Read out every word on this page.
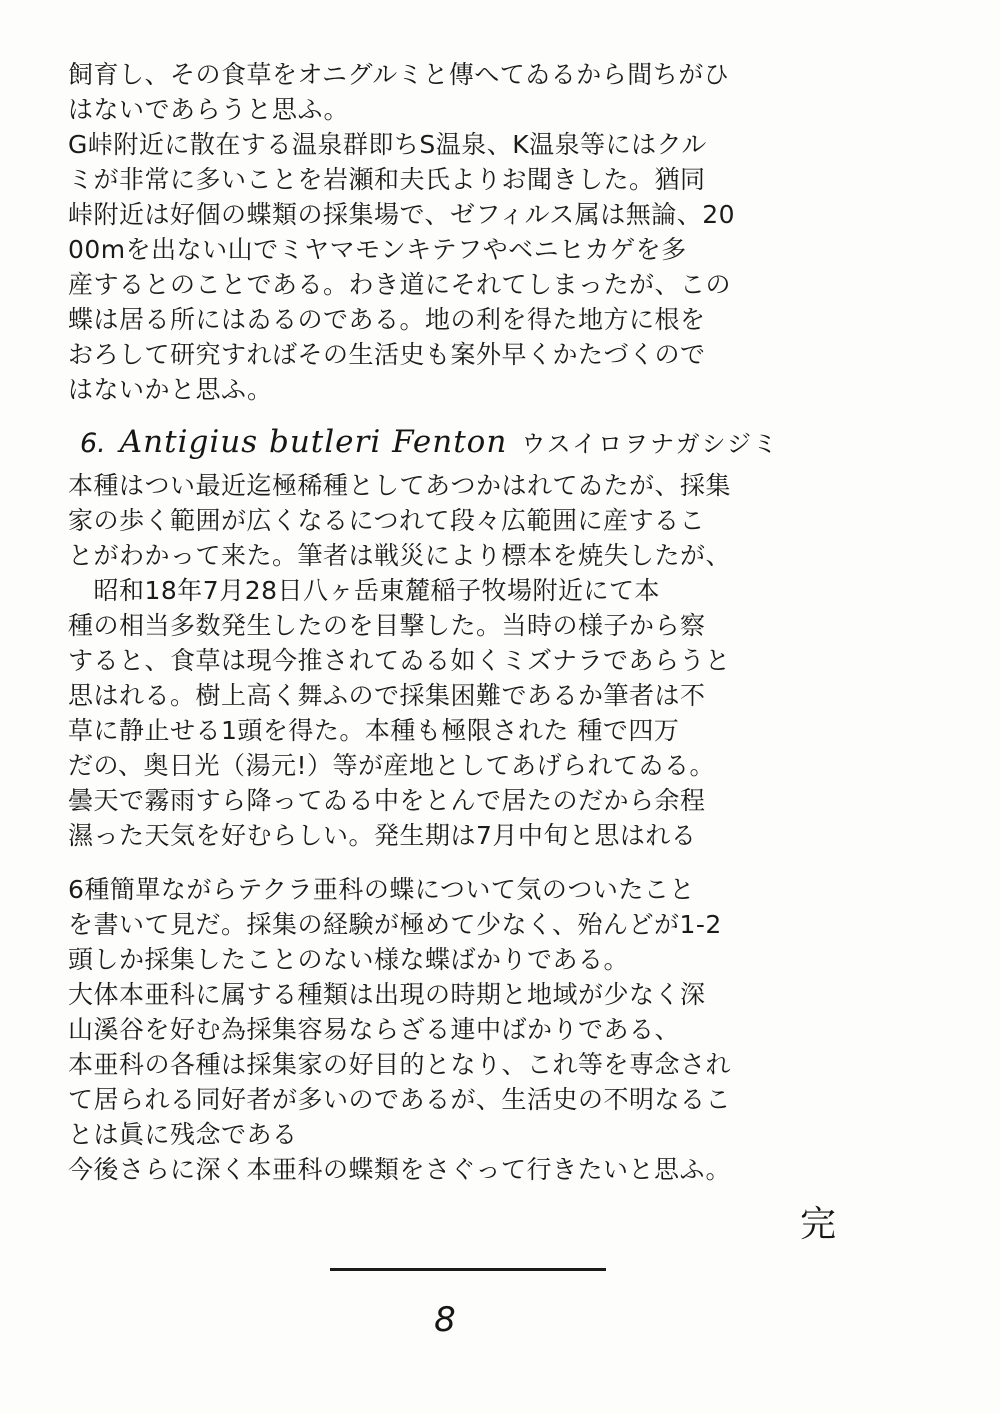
飼育し、その食草をオニグルミと傳へてゐるから間ちがひ
はないであらうと思ふ。
G峠附近に散在する温泉群即ちS温泉、K温泉等にはクル
ミが非常に多いことを岩瀬和夫氏よりお聞きした。猶同
峠附近は好個の蝶類の採集場で、ゼフィルス属は無論、20
00mを出ない山でミヤマモンキテフやベニヒカゲを多
産するとのことである。わき道にそれてしまったが、この
蝶は居る所にはゐるのである。地の利を得た地方に根を
おろして研究すればその生活史も案外早くかたづくので
はないかと思ふ。
6. Antigius butleri Fenton ウスイロヲナガシジミ
本種はつい最近迄極稀種としてあつかはれてゐたが、採集
家の歩く範囲が広くなるにつれて段々広範囲に産するこ
とがわかって来た。筆者は戦災により標本を焼失したが、
　昭和18年7月28日八ヶ岳東麓稲子牧場附近にて本
種の相当多数発生したのを目撃した。当時の様子から察
すると、食草は現今推されてゐる如くミズナラであらうと
思はれる。樹上高く舞ふので採集困難であるか筆者は不
草に静止せる1頭を得た。本種も極限された 種で四万
だの、奥日光（湯元!）等が産地としてあげられてゐる。
曇天で霧雨すら降ってゐる中をとんで居たのだから余程
濕った天気を好むらしい。発生期は7月中旬と思はれる
6種簡單ながらテクラ亜科の蝶について気のついたこと
を書いて見だ。採集の経験が極めて少なく、殆んどが1-2
頭しか採集したことのない様な蝶ばかりである。
大体本亜科に属する種類は出現の時期と地域が少なく深
山溪谷を好む為採集容易ならざる連中ばかりである、
本亜科の各種は採集家の好目的となり、これ等を専念され
て居られる同好者が多いのであるが、生活史の不明なるこ
とは眞に残念である
今後さらに深く本亜科の蝶類をさぐって行きたいと思ふ。
完
8
